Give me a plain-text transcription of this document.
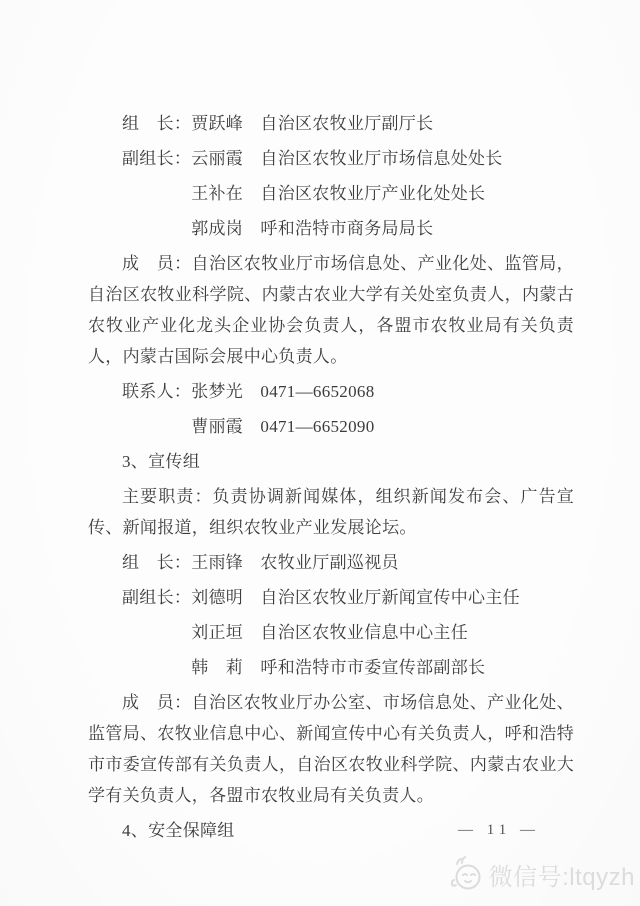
组　长：贾跃峰　自治区农牧业厅副厅长

副组长：云丽霞　自治区农牧业厅市场信息处处长

　　　　王补在　自治区农牧业厅产业化处处长

　　　　郭成岗　呼和浩特市商务局局长

成　员：自治区农牧业厅市场信息处、产业化处、监管局，自治区农牧业科学院、内蒙古农业大学有关处室负责人，内蒙古农牧业产业化龙头企业协会负责人，各盟市农牧业局有关负责人，内蒙古国际会展中心负责人。

联系人：张梦光　0471—6652068

　　　　曹丽霞　0471—6652090

3、宣传组

主要职责：负责协调新闻媒体，组织新闻发布会、广告宣传、新闻报道，组织农牧业产业发展论坛。

组　长：王雨锋　农牧业厅副巡视员

副组长：刘德明　自治区农牧业厅新闻宣传中心主任

　　　　刘正垣　自治区农牧业信息中心主任

　　　　韩　莉　呼和浩特市市委宣传部副部长

成　员：自治区农牧业厅办公室、市场信息处、产业化处、监管局、农牧业信息中心、新闻宣传中心有关负责人，呼和浩特市市委宣传部有关负责人，自治区农牧业科学院、内蒙古农业大学有关负责人，各盟市农牧业局有关负责人。

4、安全保障组	— 11 —
微信号:ltqyzh
